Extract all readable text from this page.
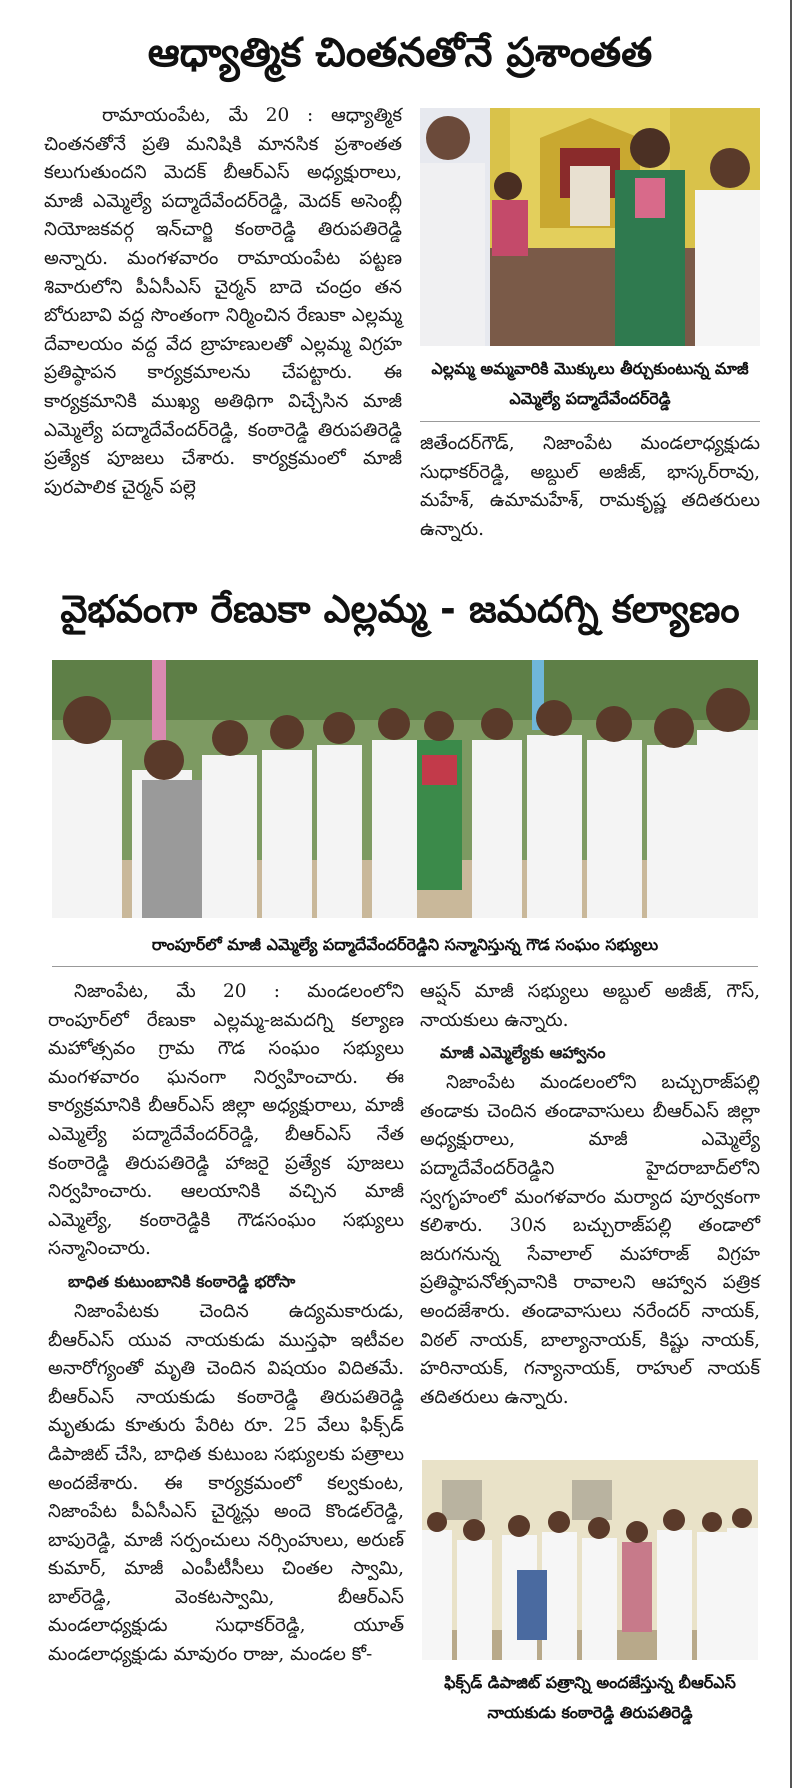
ఆధ్యాత్మిక చింతనతోనే ప్రశాంతత

రామాయంపేట, మే 20 : ఆధ్యాత్మిక చింతనతోనే ప్రతి మనిషికి మానసిక ప్రశాంతత కలుగుతుందని మెదక్ బీఆర్ఎస్ అధ్యక్షురాలు, మాజీ ఎమ్మెల్యే పద్మాదేవేందర్‌రెడ్డి, మెదక్ అసెంబ్లీ నియోజకవర్గ ఇన్‌చార్జి కంఠారెడ్డి తిరుపతిరెడ్డి అన్నారు. మంగళవారం రామాయంపేట పట్టణ శివారులోని పీఏసీఎస్ చైర్మన్ బాదె చంద్రం తన బోరుబావి వద్ద సొంతంగా నిర్మించిన రేణుకా ఎల్లమ్మ దేవాలయం వద్ద వేద బ్రాహణులతో ఎల్లమ్మ విగ్రహ ప్రతిష్ఠాపన కార్యక్రమాలను చేపట్టారు. ఈ కార్యక్రమానికి ముఖ్య అతిథిగా విచ్చేసిన మాజీ ఎమ్మెల్యే పద్మాదేవేందర్‌రెడ్డి, కంఠారెడ్డి తిరుపతిరెడ్డి ప్రత్యేక పూజలు చేశారు. కార్యక్రమంలో మాజీ పురపాలిక చైర్మన్ పల్లె

ఎల్లమ్మ అమ్మవారికి మొక్కులు తీర్చుకుంటున్న మాజీ ఎమ్మెల్యే పద్మాదేవేందర్‌రెడ్డి

జితేందర్‌గౌడ్, నిజాంపేట మండలాధ్యక్షుడు సుధాకర్‌రెడ్డి, అబ్దుల్ అజీజ్, భాస్కర్‌రావు, మహేశ్, ఉమామహేశ్, రామకృష్ణ తదితరులు ఉన్నారు.

వైభవంగా రేణుకా ఎల్లమ్మ - జమదగ్ని కల్యాణం
రాంపూర్‌లో మాజీ ఎమ్మెల్యే పద్మాదేవేందర్‌రెడ్డిని సన్మానిస్తున్న గౌడ సంఘం సభ్యులు

నిజాంపేట, మే 20 : మండలంలోని రాంపూర్‌లో రేణుకా ఎల్లమ్మ-జమదగ్ని కల్యాణ మహోత్సవం గ్రామ గౌడ సంఘం సభ్యులు మంగళవారం ఘనంగా నిర్వహించారు. ఈ కార్యక్రమానికి బీఆర్ఎస్ జిల్లా అధ్యక్షురాలు, మాజీ ఎమ్మెల్యే పద్మాదేవేందర్‌రెడ్డి, బీఆర్ఎస్ నేత కంఠారెడ్డి తిరుపతిరెడ్డి హాజరై ప్రత్యేక పూజలు నిర్వహించారు. ఆలయానికి వచ్చిన మాజీ ఎమ్మెల్యే, కంఠారెడ్డికి గౌడసంఘం సభ్యులు సన్మానించారు.

బాధిత కుటుంబానికి కంఠారెడ్డి భరోసా

నిజాంపేటకు చెందిన ఉద్యమకారుడు, బీఆర్ఎస్ యువ నాయకుడు ముస్తఫా ఇటీవల అనారోగ్యంతో మృతి చెందిన విషయం విదితమే. బీఆర్ఎస్ నాయకుడు కంఠారెడ్డి తిరుపతిరెడ్డి మృతుడు కూతురు పేరిట రూ. 25 వేలు ఫిక్స్‌డ్ డిపాజిట్ చేసి, బాధిత కుటుంబ సభ్యులకు పత్రాలు అందజేశారు. ఈ కార్యక్రమంలో కల్వకుంట, నిజాంపేట పీఏసీఎస్ చైర్మన్లు అందె కొండల్‌రెడ్డి, బాపురెడ్డి, మాజీ సర్పంచులు నర్సింహులు, అరుణ్ కుమార్, మాజీ ఎంపీటీసీలు చింతల స్వామి, బాల్‌రెడ్డి, వెంకటస్వామి, బీఆర్ఎస్ మండలాధ్యక్షుడు సుధాకర్‌రెడ్డి, యూత్ మండలాధ్యక్షుడు మావురం రాజు, మండల కో-

ఆప్షన్ మాజీ సభ్యులు అబ్దుల్ అజీజ్, గౌస్, నాయకులు ఉన్నారు.

మాజీ ఎమ్మెల్యేకు ఆహ్వానం

నిజాంపేట మండలంలోని బచ్చురాజ్‌పల్లి తండాకు చెందిన తండావాసులు బీఆర్ఎస్ జిల్లా అధ్యక్షురాలు, మాజీ ఎమ్మెల్యే పద్మాదేవేందర్‌రెడ్డిని హైదరాబాద్‌లోని స్వగృహంలో మంగళవారం మర్యాద పూర్వకంగా కలిశారు. 30న బచ్చురాజ్‌పల్లి తండాలో జరుగనున్న సేవాలాల్ మహారాజ్ విగ్రహ ప్రతిష్ఠాపనోత్సవానికి రావాలని ఆహ్వాన పత్రిక అందజేశారు. తండావాసులు నరేందర్ నాయక్, విఠల్ నాయక్, బాల్యానాయక్, కిష్టు నాయక్, హరినాయక్, గన్యానాయక్, రాహుల్ నాయక్ తదితరులు ఉన్నారు.

ఫిక్స్‌డ్ డిపాజిట్ పత్రాన్ని అందజేస్తున్న బీఆర్ఎస్ నాయకుడు కంఠారెడ్డి తిరుపతిరెడ్డి
